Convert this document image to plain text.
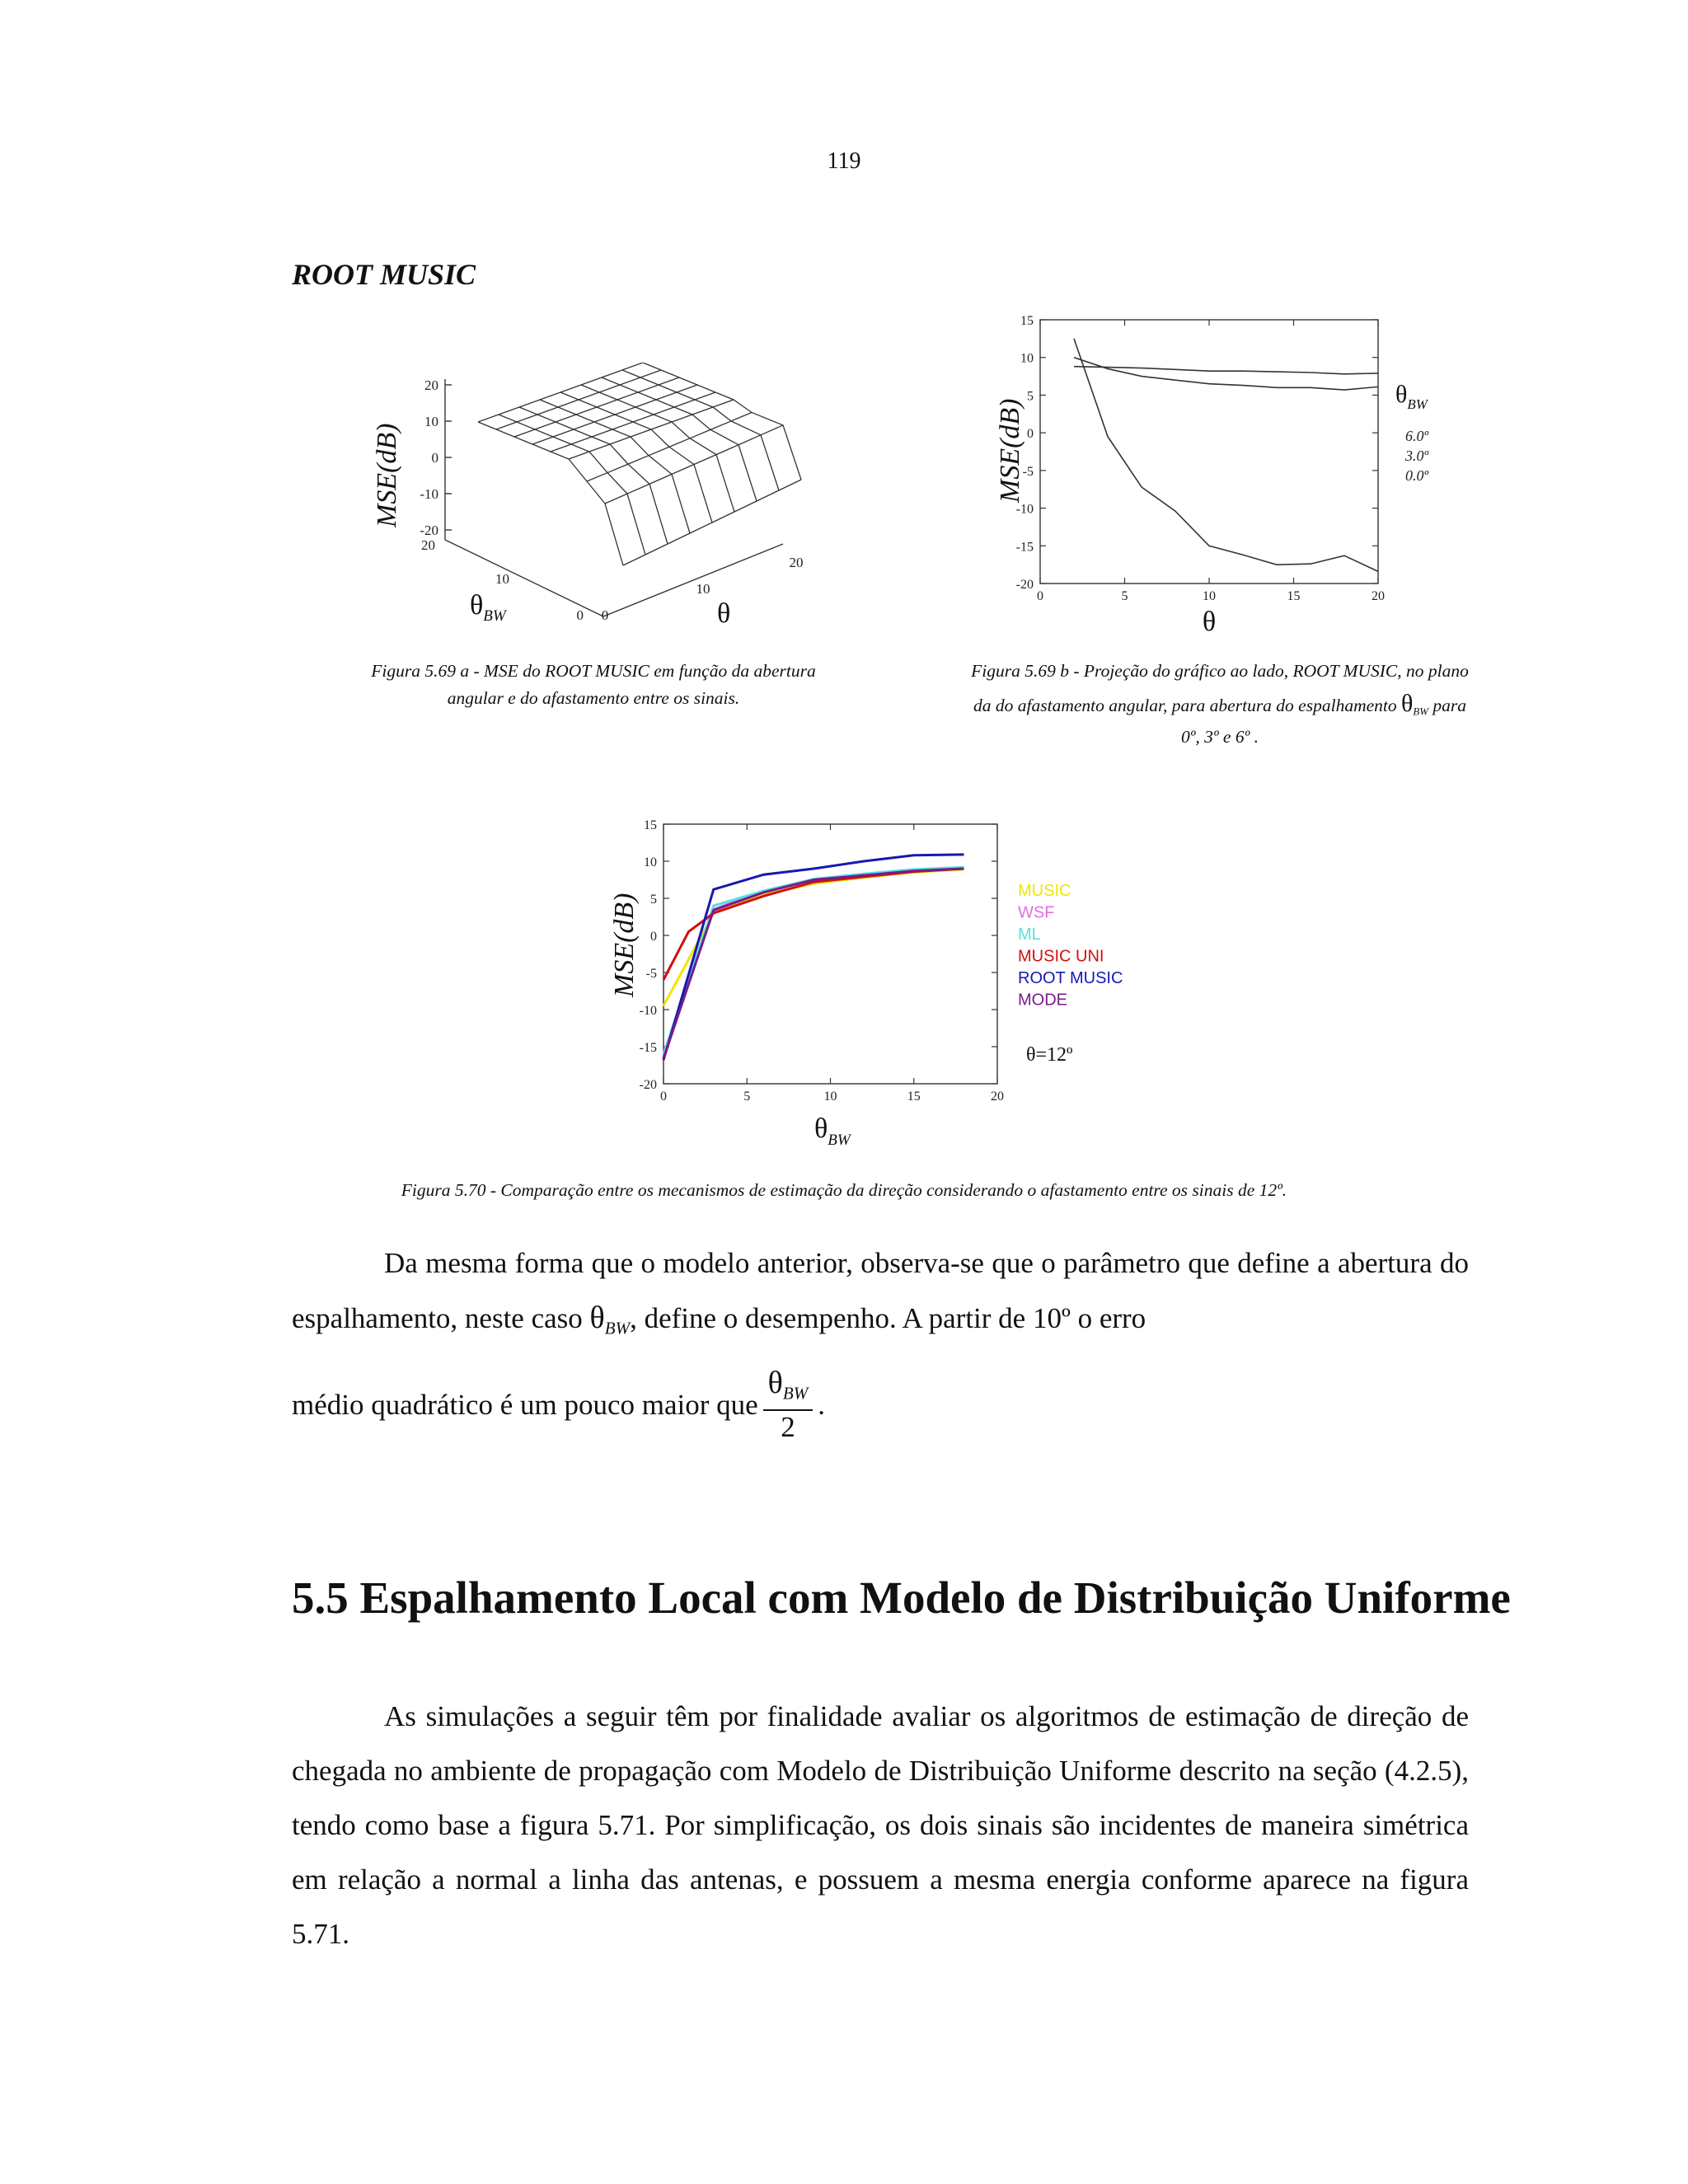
119
ROOT MUSIC
20
10
0
-10
-20
20
10
0 0
10
20
MSE(dB)
$\theta_{BW}$	θ
0	5	10	15	20
15
10
5
0
-5
-10
-15
-20
MSE(dB)
θ
$\theta_{BW}$
6.0º
3.0º
0.0º
Figura 5.69 a - MSE do ROOT MUSIC em função da abertura
angular e do afastamento entre os sinais.
Figura 5.69 b - Projeção do gráfico ao lado, ROOT MUSIC, no plano
da do afastamento angular, para abertura do espalhamento $\theta_{BW}$ para
0º, 3º e 6º .
0	5	10	15	20
15
10
5
0
-5
-10
-15
-20
MSE(dB)
$\theta_{BW}$
MUSIC
WSF
ML
MUSIC UNI
ROOT MUSIC
MODE
θ=12º
Figura 5.70 - Comparação entre os mecanismos de estimação da direção considerando o afastamento entre os sinais de 12º.
Da mesma forma que o modelo anterior, observa-se que o parâmetro que define a abertura do espalhamento, neste caso $\theta_{BW}$, define o desempenho. A partir de 10º o erro
médio quadrático é um pouco maior que $\frac{\theta_{BW}}{2}$ .
5.5 Espalhamento Local com Modelo de Distribuição Uniforme
As simulações a seguir têm por finalidade avaliar os algoritmos de estimação de direção de chegada no ambiente de propagação com Modelo de Distribuição Uniforme descrito na seção (4.2.5), tendo como base a figura 5.71. Por simplificação, os dois sinais são incidentes de maneira simétrica em relação a normal a linha das antenas, e possuem a mesma energia conforme aparece na figura 5.71.
